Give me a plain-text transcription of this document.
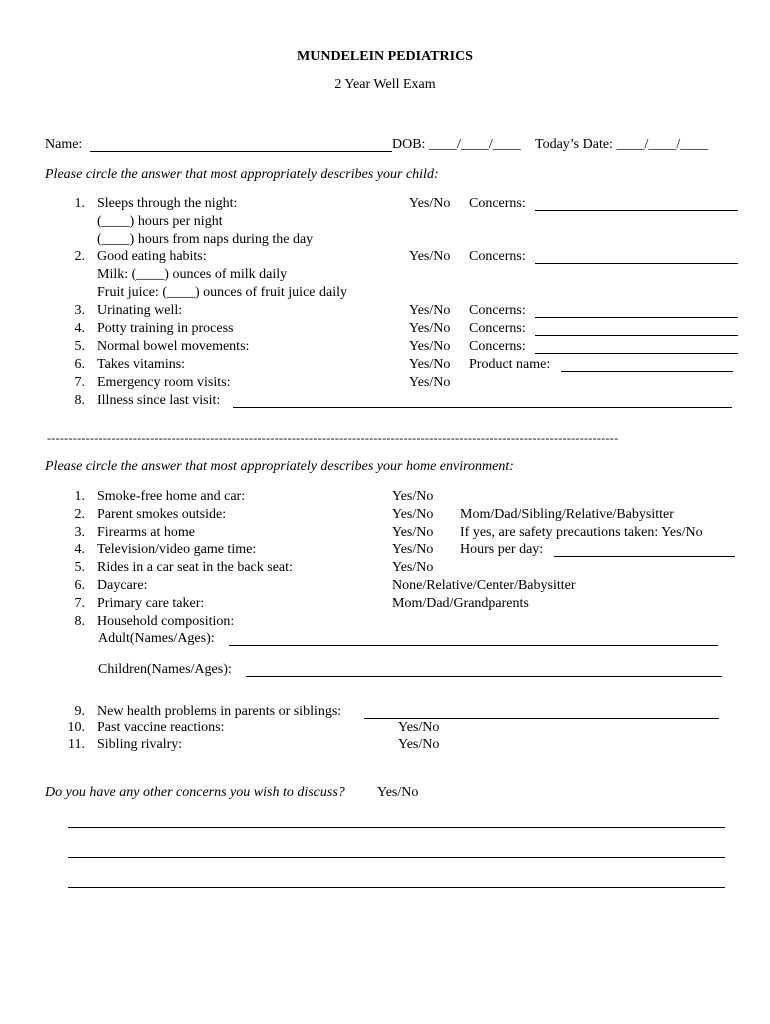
MUNDELEIN PEDIATRICS
2 Year Well Exam
Name:	DOB: ____/____/____ Today’s Date: ____/____/____
Please circle the answer that most appropriately describes your child:
1. Sleeps through the night:	Yes/No Concerns:
(____) hours per night
(____) hours from naps during the day
2. Good eating habits:	Yes/No Concerns:
Milk: (____) ounces of milk daily
Fruit juice: (____) ounces of fruit juice daily
3. Urinating well:	Yes/No Concerns:
4. Potty training in process	Yes/No Concerns:
5. Normal bowel movements:	Yes/No Concerns:
6. Takes vitamins:	Yes/No Product name:
7. Emergency room visits:	Yes/No
8. Illness since last visit:
-------------------------------------------------------------------------------------------------------------------------------------
Please circle the answer that most appropriately describes your home environment:
1. Smoke-free home and car:	Yes/No
2. Parent smokes outside:	Yes/No Mom/Dad/Sibling/Relative/Babysitter
3. Firearms at home	Yes/No If yes, are safety precautions taken: Yes/No
4. Television/video game time:	Yes/No Hours per day:
5. Rides in a car seat in the back seat:	Yes/No
6. Daycare:	None/Relative/Center/Babysitter
7. Primary care taker:	Mom/Dad/Grandparents
8. Household composition:
Adult(Names/Ages):
Children(Names/Ages):
9. New health problems in parents or siblings:
10. Past vaccine reactions:	Yes/No
11. Sibling rivalry:	Yes/No
Do you have any other concerns you wish to discuss? Yes/No
